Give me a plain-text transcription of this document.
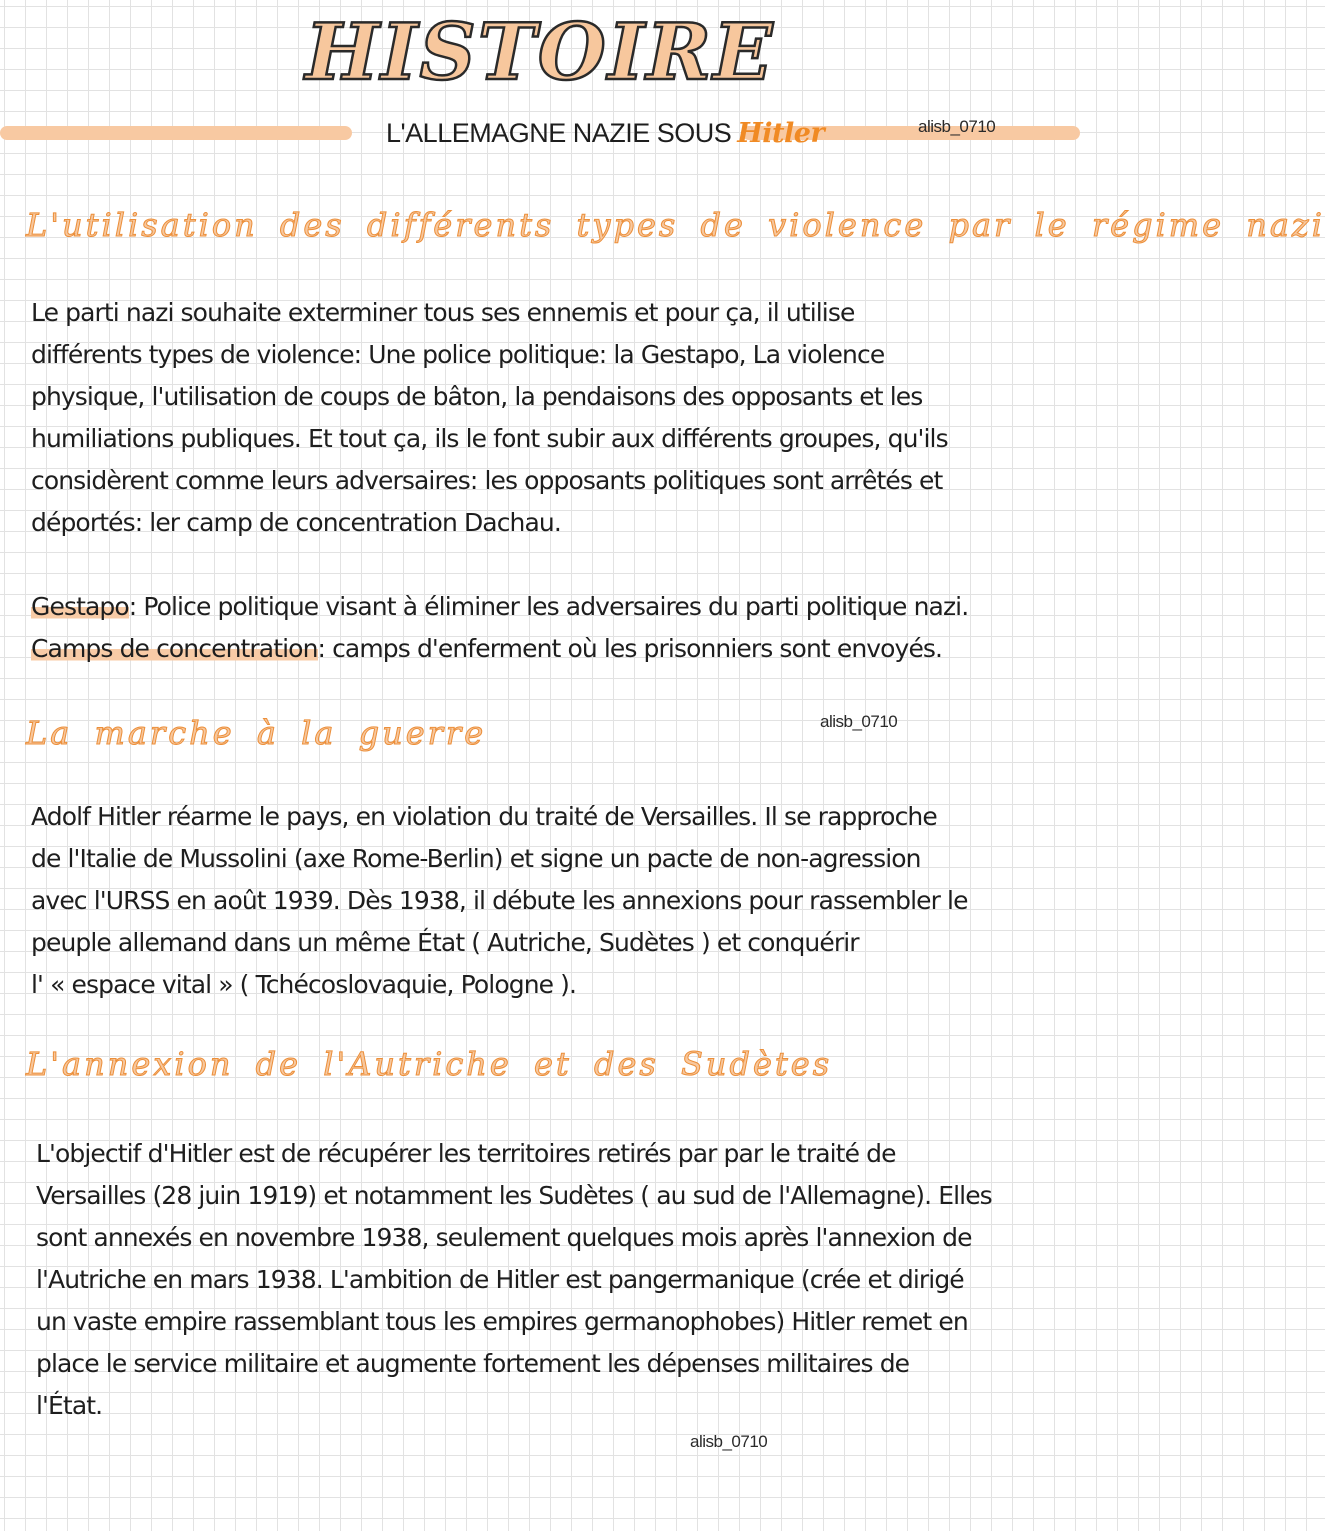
HISTOIRE
L'ALLEMAGNE NAZIE SOUS Hitler	alisb_0710
L'utilisation des différents types de violence par le régime nazi
Le parti nazi souhaite exterminer tous ses ennemis et pour ça, il utilise
différents types de violence: Une police politique: la Gestapo, La violence
physique, l'utilisation de coups de bâton, la pendaisons des opposants et les
humiliations publiques. Et tout ça, ils le font subir aux différents groupes, qu'ils
considèrent comme leurs adversaires: les opposants politiques sont arrêtés et
déportés: ler camp de concentration Dachau.
Gestapo: Police politique visant à éliminer les adversaires du parti politique nazi.
Camps de concentration: camps d'enferment où les prisonniers sont envoyés.
La marche à la guerre	alisb_0710
Adolf Hitler réarme le pays, en violation du traité de Versailles. Il se rapproche
de l'Italie de Mussolini (axe Rome-Berlin) et signe un pacte de non-agression
avec l'URSS en août 1939. Dès 1938, il débute les annexions pour rassembler le
peuple allemand dans un même État ( Autriche, Sudètes ) et conquérir
l' « espace vital » ( Tchécoslovaquie, Pologne ).
L'annexion de l'Autriche et des Sudètes
L'objectif d'Hitler est de récupérer les territoires retirés par par le traité de
Versailles (28 juin 1919) et notamment les Sudètes ( au sud de l'Allemagne). Elles
sont annexés en novembre 1938, seulement quelques mois après l'annexion de
l'Autriche en mars 1938. L'ambition de Hitler est pangermanique (crée et dirigé
un vaste empire rassemblant tous les empires germanophobes) Hitler remet en
place le service militaire et augmente fortement les dépenses militaires de
l'État.
alisb_0710
